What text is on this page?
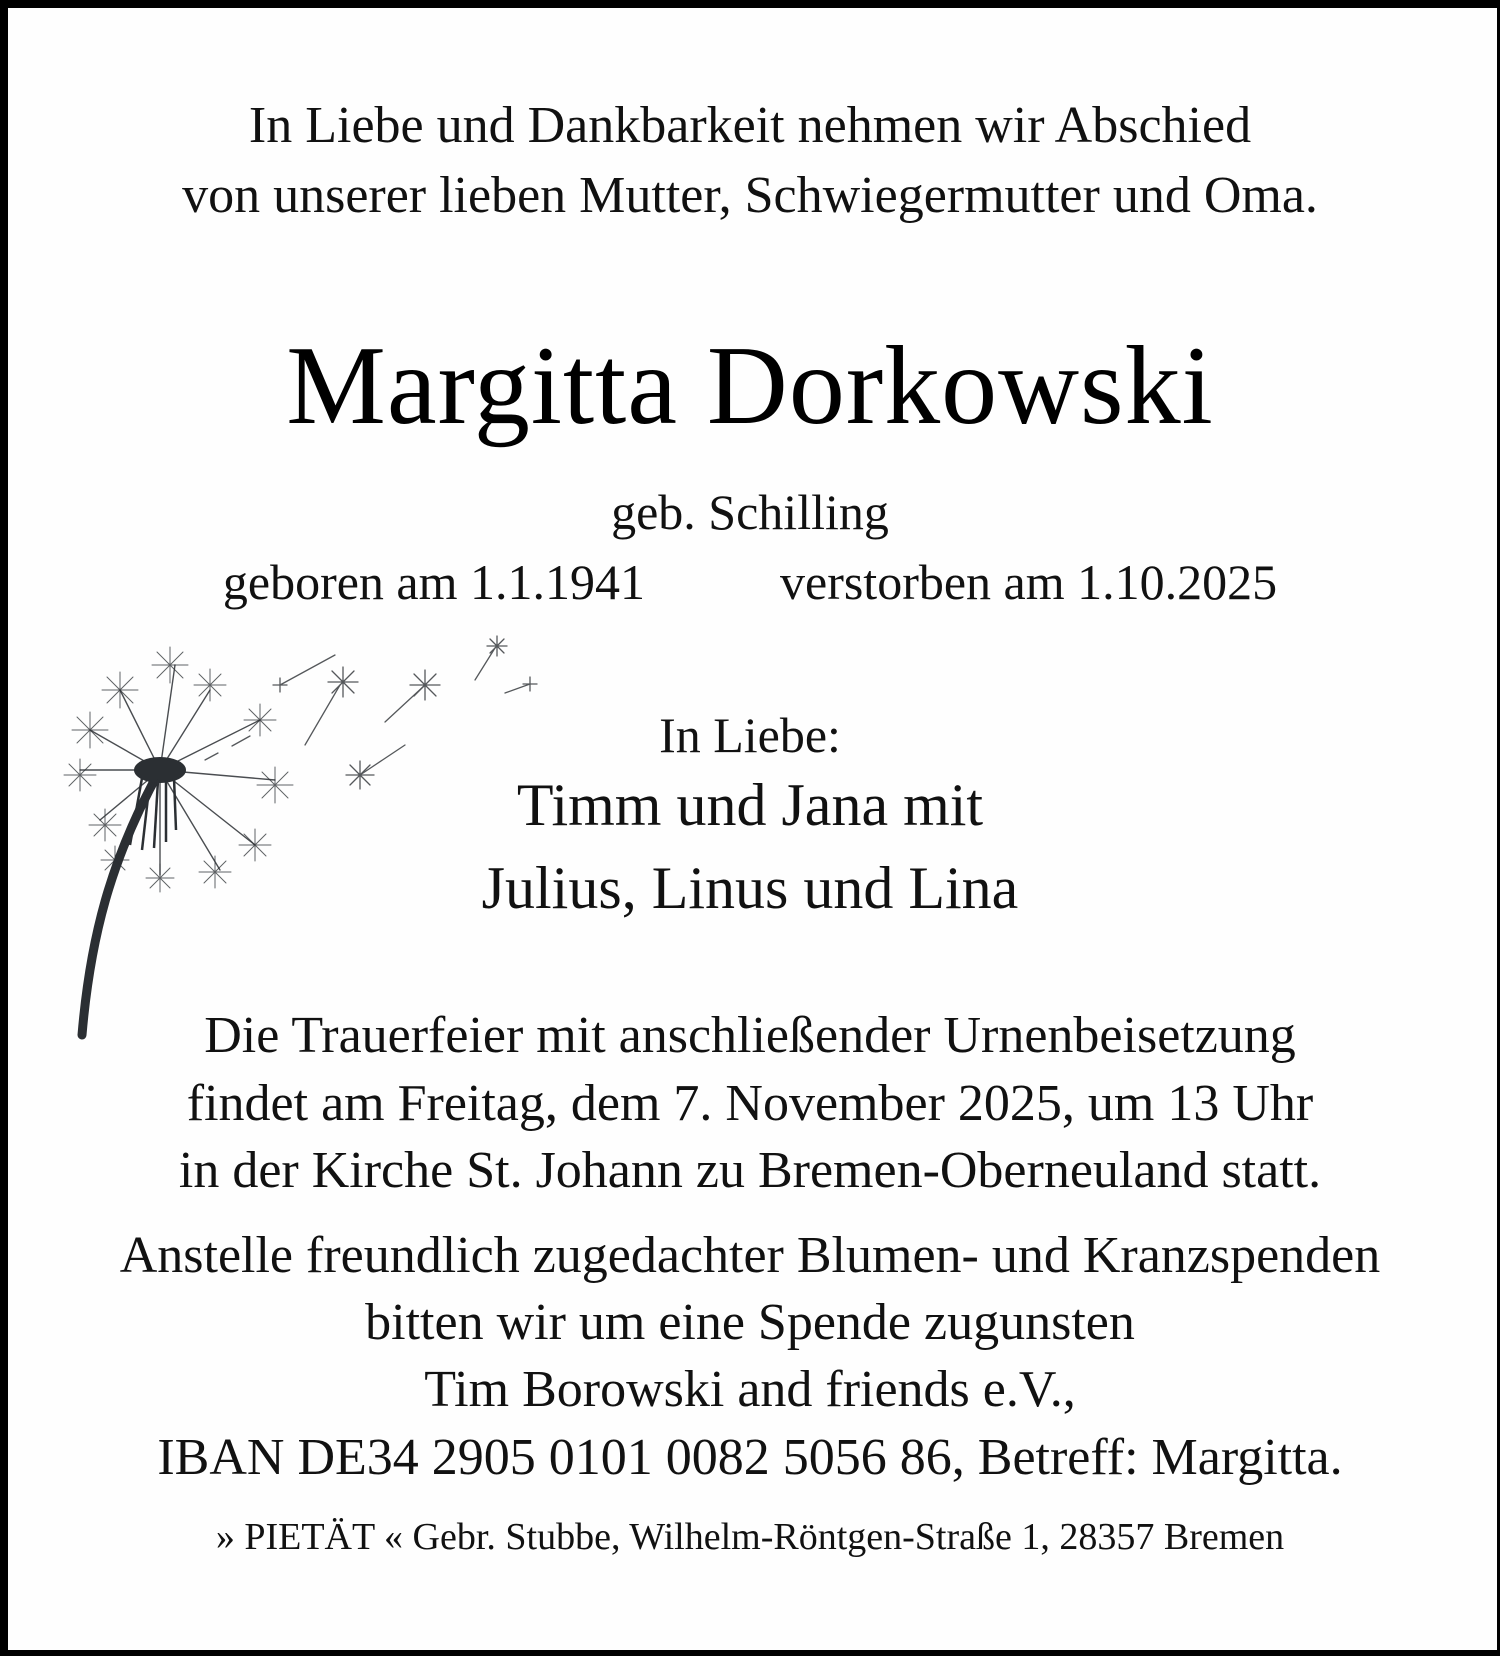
In Liebe und Dankbarkeit nehmen wir Abschied
von unserer lieben Mutter, Schwiegermutter und Oma.
Margitta Dorkowski
geb. Schilling
geboren am 1.1.1941	verstorben am 1.10.2025
In Liebe:
Timm und Jana mit
Julius, Linus und Lina
Die Trauerfeier mit anschließender Urnenbeisetzung
findet am Freitag, dem 7. November 2025, um 13 Uhr
in der Kirche St. Johann zu Bremen-Oberneuland statt.
Anstelle freundlich zugedachter Blumen- und Kranzspenden
bitten wir um eine Spende zugunsten
Tim Borowski and friends e.V.,
IBAN DE34 2905 0101 0082 5056 86, Betreff: Margitta.
» PIETÄT « Gebr. Stubbe, Wilhelm-Röntgen-Straße 1, 28357 Bremen
